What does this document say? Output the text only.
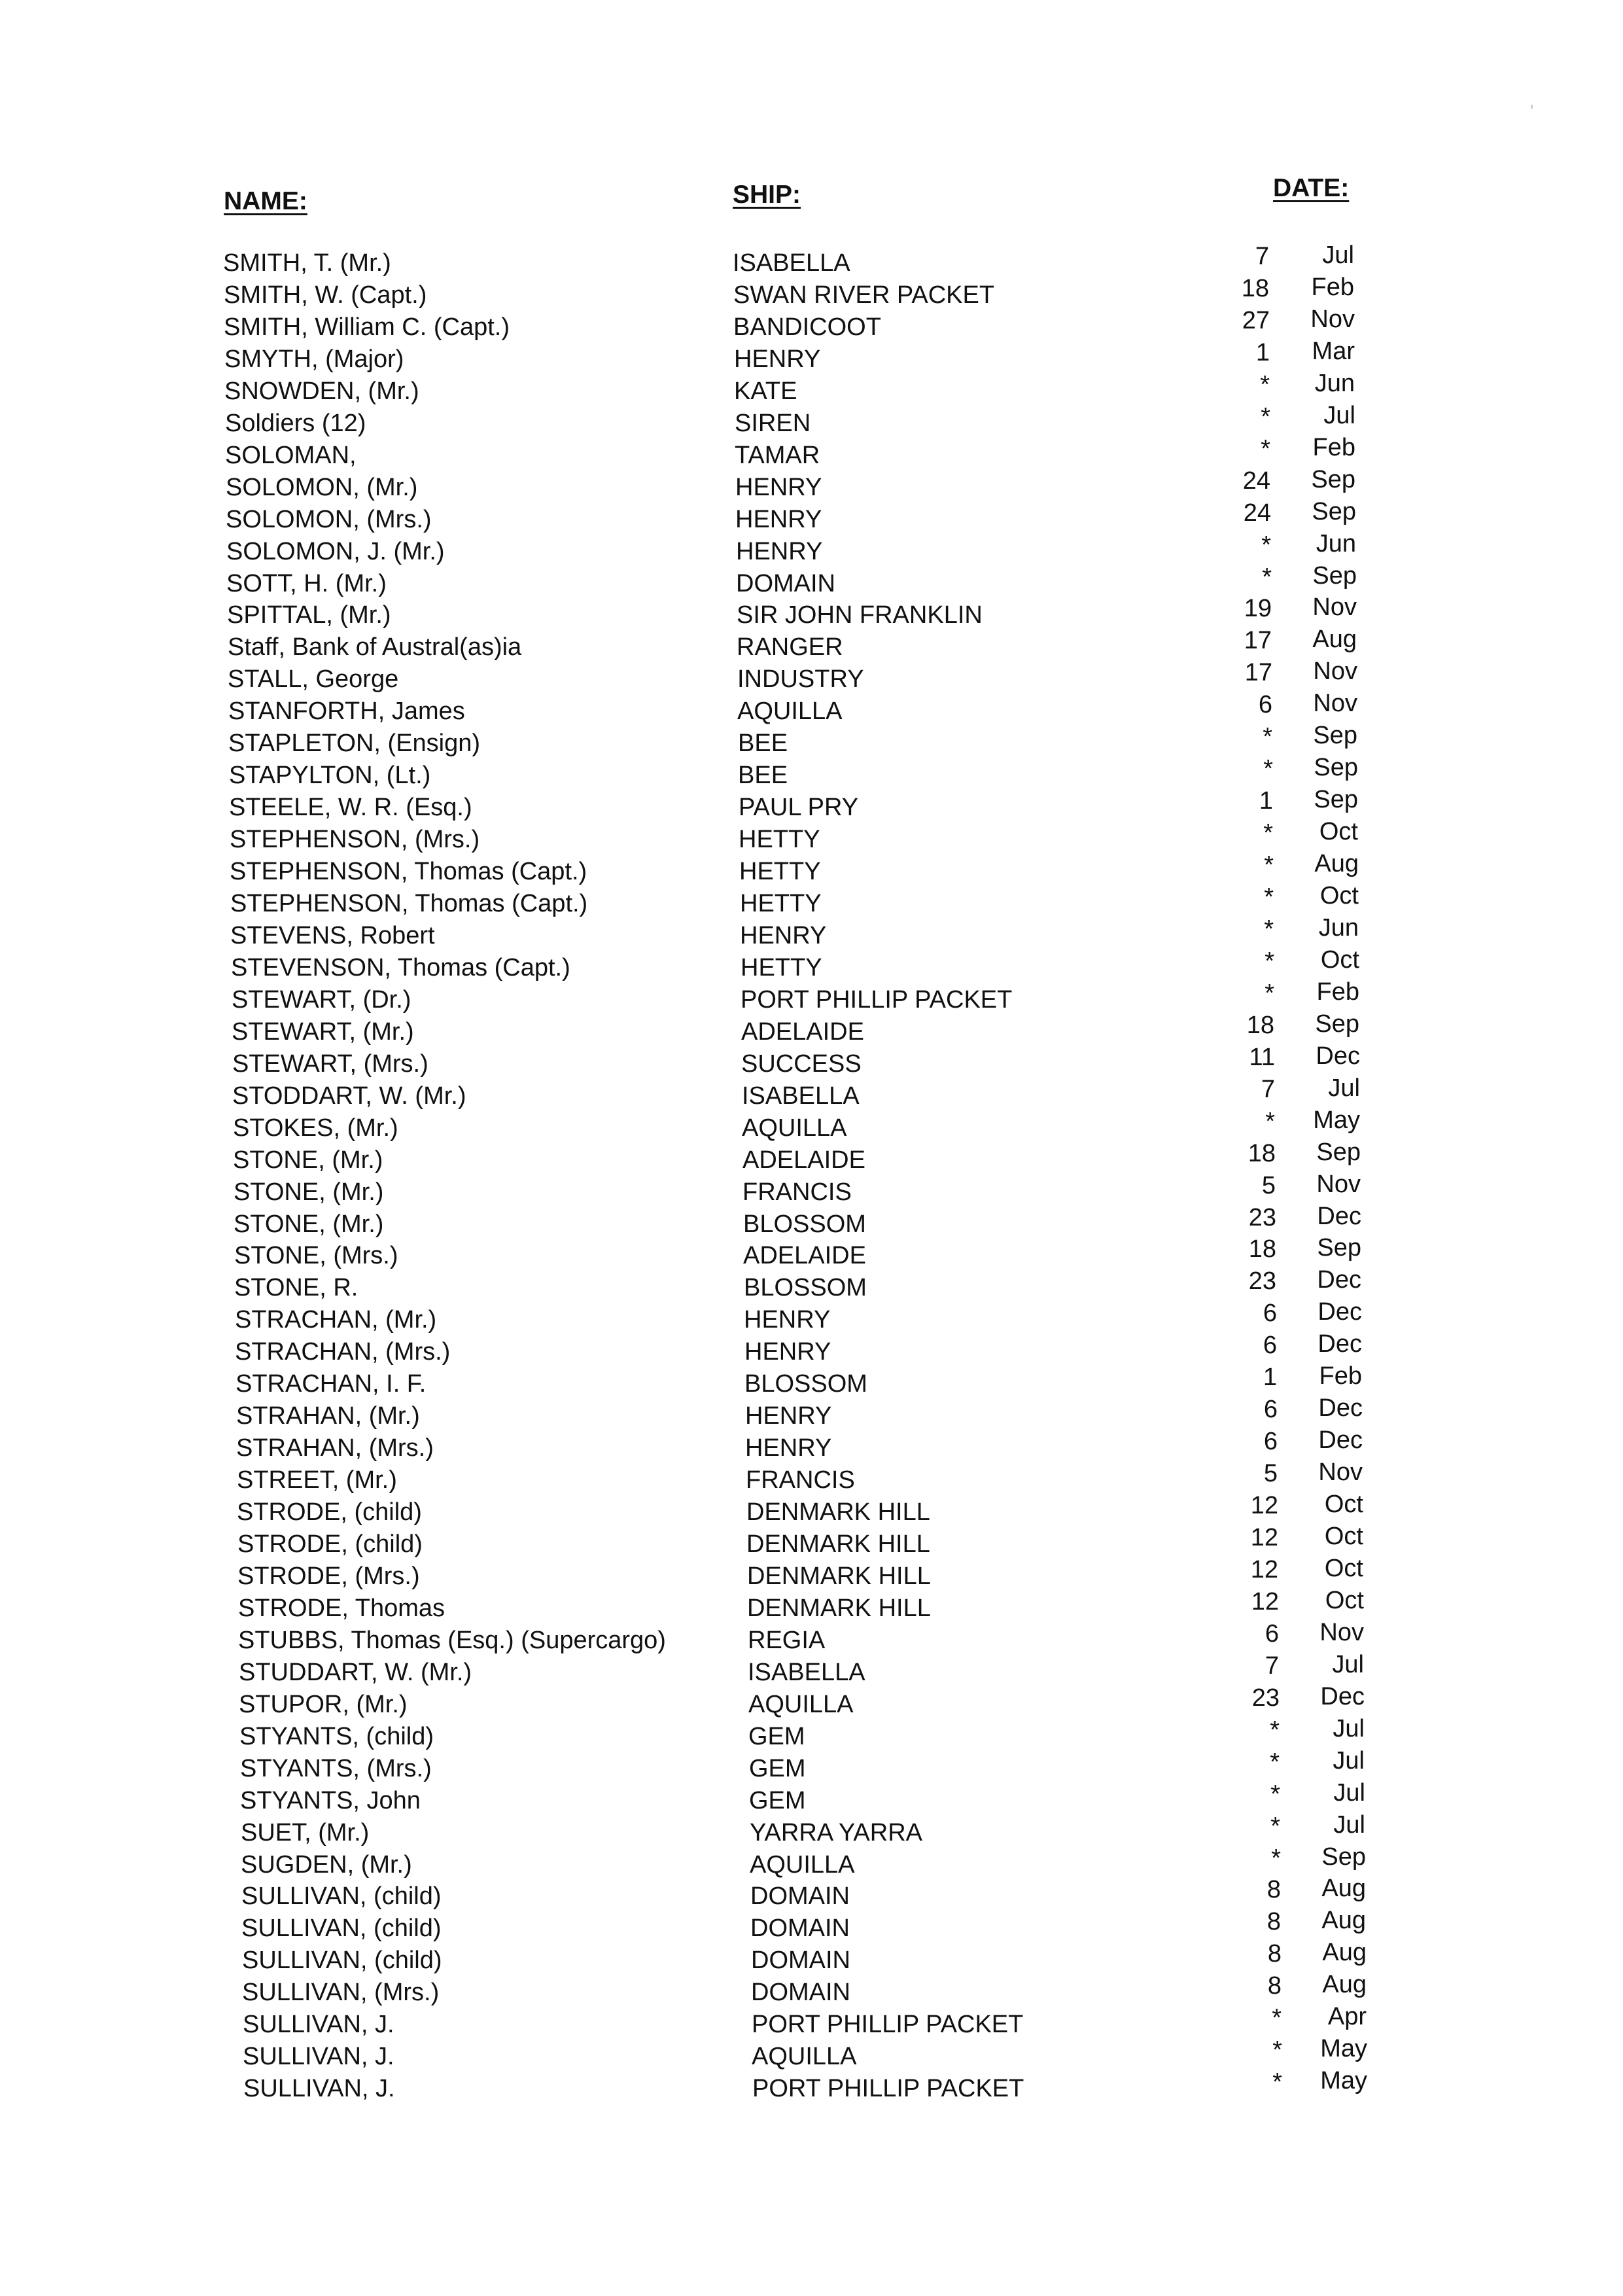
NAME:	SHIP:	DATE:
SMITH, T. (Mr.)	ISABELLA	7	Jul
SMITH, W. (Capt.)	SWAN RIVER PACKET	18	Feb
SMITH, William C. (Capt.)	BANDICOOT	27	Nov
SMYTH, (Major)	HENRY	1	Mar
SNOWDEN, (Mr.)	KATE	*	Jun
Soldiers (12)	SIREN	*	Jul
SOLOMAN,	TAMAR	*	Feb
SOLOMON, (Mr.)	HENRY	24	Sep
SOLOMON, (Mrs.)	HENRY	24	Sep
SOLOMON, J. (Mr.)	HENRY	*	Jun
SOTT, H. (Mr.)	DOMAIN	*	Sep
SPITTAL, (Mr.)	SIR JOHN FRANKLIN	19	Nov
Staff, Bank of Austral(as)ia	RANGER	17	Aug
STALL, George	INDUSTRY	17	Nov
STANFORTH, James	AQUILLA	6	Nov
STAPLETON, (Ensign)	BEE	*	Sep
STAPYLTON, (Lt.)	BEE	*	Sep
STEELE, W. R. (Esq.)	PAUL PRY	1	Sep
STEPHENSON, (Mrs.)	HETTY	*	Oct
STEPHENSON, Thomas (Capt.)	HETTY	*	Aug
STEPHENSON, Thomas (Capt.)	HETTY	*	Oct
STEVENS, Robert	HENRY	*	Jun
STEVENSON, Thomas (Capt.)	HETTY	*	Oct
STEWART, (Dr.)	PORT PHILLIP PACKET	*	Feb
STEWART, (Mr.)	ADELAIDE	18	Sep
STEWART, (Mrs.)	SUCCESS	11	Dec
STODDART, W. (Mr.)	ISABELLA	7	Jul
STOKES, (Mr.)	AQUILLA	*	May
STONE, (Mr.)	ADELAIDE	18	Sep
STONE, (Mr.)	FRANCIS	5	Nov
STONE, (Mr.)	BLOSSOM	23	Dec
STONE, (Mrs.)	ADELAIDE	18	Sep
STONE, R.	BLOSSOM	23	Dec
STRACHAN, (Mr.)	HENRY	6	Dec
STRACHAN, (Mrs.)	HENRY	6	Dec
STRACHAN, I. F.	BLOSSOM	1	Feb
STRAHAN, (Mr.)	HENRY	6	Dec
STRAHAN, (Mrs.)	HENRY	6	Dec
STREET, (Mr.)	FRANCIS	5	Nov
STRODE, (child)	DENMARK HILL	12	Oct
STRODE, (child)	DENMARK HILL	12	Oct
STRODE, (Mrs.)	DENMARK HILL	12	Oct
STRODE, Thomas	DENMARK HILL	12	Oct
STUBBS, Thomas (Esq.) (Supercargo)	REGIA	6	Nov
STUDDART, W. (Mr.)	ISABELLA	7	Jul
STUPOR, (Mr.)	AQUILLA	23	Dec
STYANTS, (child)	GEM	*	Jul
STYANTS, (Mrs.)	GEM	*	Jul
STYANTS, John	GEM	*	Jul
SUET, (Mr.)	YARRA YARRA	*	Jul
SUGDEN, (Mr.)	AQUILLA	*	Sep
SULLIVAN, (child)	DOMAIN	8	Aug
SULLIVAN, (child)	DOMAIN	8	Aug
SULLIVAN, (child)	DOMAIN	8	Aug
SULLIVAN, (Mrs.)	DOMAIN	8	Aug
SULLIVAN, J.	PORT PHILLIP PACKET	*	Apr
SULLIVAN, J.	AQUILLA	*	May
SULLIVAN, J.	PORT PHILLIP PACKET	*	May
